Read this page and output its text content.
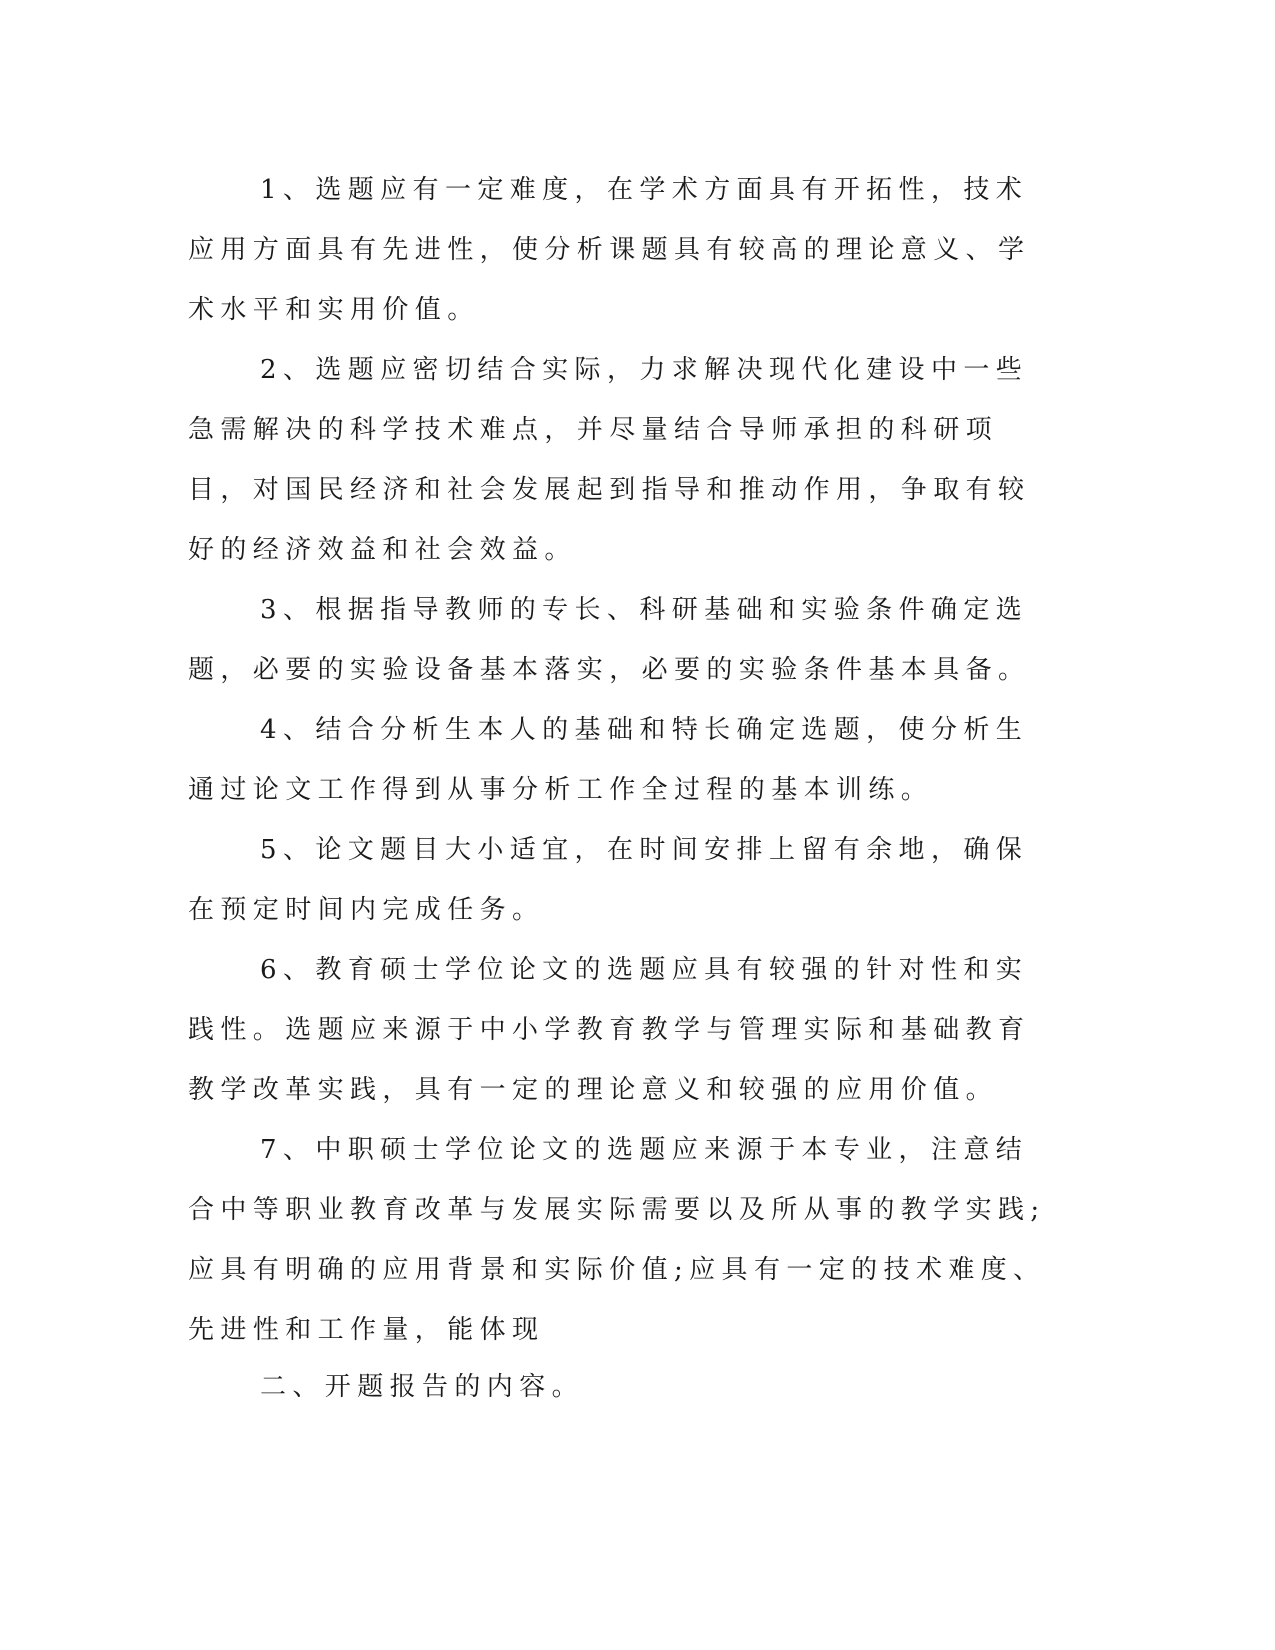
1、选题应有一定难度，在学术方面具有开拓性，技术应用方面具有先进性，使分析课题具有较高的理论意义、学术水平和实用价值。

2、选题应密切结合实际，力求解决现代化建设中一些急需解决的科学技术难点，并尽量结合导师承担的科研项目，对国民经济和社会发展起到指导和推动作用，争取有较好的经济效益和社会效益。

3、根据指导教师的专长、科研基础和实验条件确定选题，必要的实验设备基本落实，必要的实验条件基本具备。

4、结合分析生本人的基础和特长确定选题，使分析生通过论文工作得到从事分析工作全过程的基本训练。

5、论文题目大小适宜，在时间安排上留有余地，确保在预定时间内完成任务。

6、教育硕士学位论文的选题应具有较强的针对性和实践性。选题应来源于中小学教育教学与管理实际和基础教育教学改革实践，具有一定的理论意义和较强的应用价值。

7、中职硕士学位论文的选题应来源于本专业，注意结合中等职业教育改革与发展实际需要以及所从事的教学实践;应具有明确的应用背景和实际价值;应具有一定的技术难度、先进性和工作量，能体现

二、开题报告的内容。
